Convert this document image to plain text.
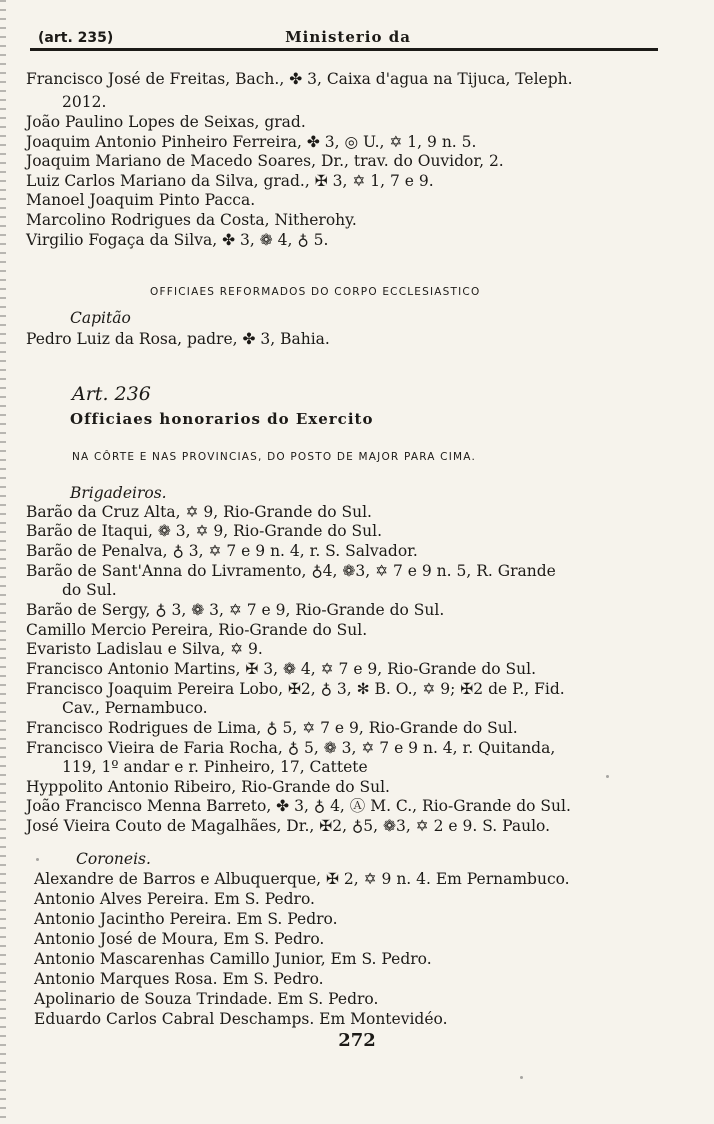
(art. 235)	Ministerio da
Francisco José de Freitas, Bach., ✤ 3, Caixa d'agua na Tijuca, Teleph.
2012.
João Paulino Lopes de Seixas, grad.
Joaquim Antonio Pinheiro Ferreira, ✤ 3, ◎ U., ✡ 1, 9 n. 5.
Joaquim Mariano de Macedo Soares, Dr., trav. do Ouvidor, 2.
Luiz Carlos Mariano da Silva, grad., ✠ 3, ✡ 1, 7 e 9.
Manoel Joaquim Pinto Pacca.
Marcolino Rodrigues da Costa, Nitherohy.
Virgilio Fogaça da Silva, ✤ 3, ❁ 4, ♁ 5.
OFFICIAES REFORMADOS DO CORPO ECCLESIASTICO
Capitão
Pedro Luiz da Rosa, padre, ✤ 3, Bahia.
Art. 236
Officiaes honorarios do Exercito
NA CÔRTE E NAS PROVINCIAS, DO POSTO DE MAJOR PARA CIMA.
Brigadeiros.
Barão da Cruz Alta, ✡ 9, Rio-Grande do Sul.
Barão de Itaqui, ❁ 3, ✡ 9, Rio-Grande do Sul.
Barão de Penalva, ♁ 3, ✡ 7 e 9 n. 4, r. S. Salvador.
Barão de Sant'Anna do Livramento, ♁4, ❁3, ✡ 7 e 9 n. 5, R. Grande
do Sul.
Barão de Sergy, ♁ 3, ❁ 3, ✡ 7 e 9, Rio-Grande do Sul.
Camillo Mercio Pereira, Rio-Grande do Sul.
Evaristo Ladislau e Silva, ✡ 9.
Francisco Antonio Martins, ✠ 3, ❁ 4, ✡ 7 e 9, Rio-Grande do Sul.
Francisco Joaquim Pereira Lobo, ✠2, ♁ 3, ✻ B. O., ✡ 9; ✠2 de P., Fid.
Cav., Pernambuco.
Francisco Rodrigues de Lima, ♁ 5, ✡ 7 e 9, Rio-Grande do Sul.
Francisco Vieira de Faria Rocha, ♁ 5, ❁ 3, ✡ 7 e 9 n. 4, r. Quitanda,
119, 1º andar e r. Pinheiro, 17, Cattete
Hyppolito Antonio Ribeiro, Rio-Grande do Sul.
João Francisco Menna Barreto, ✤ 3, ♁ 4, Ⓐ M. C., Rio-Grande do Sul.
José Vieira Couto de Magalhães, Dr., ✠2, ♁5, ❁3, ✡ 2 e 9. S. Paulo.
Coroneis.
Alexandre de Barros e Albuquerque, ✠ 2, ✡ 9 n. 4. Em Pernambuco.
Antonio Alves Pereira. Em S. Pedro.
Antonio Jacintho Pereira. Em S. Pedro.
Antonio José de Moura, Em S. Pedro.
Antonio Mascarenhas Camillo Junior, Em S. Pedro.
Antonio Marques Rosa. Em S. Pedro.
Apolinario de Souza Trindade. Em S. Pedro.
Eduardo Carlos Cabral Deschamps. Em Montevidéo.
272
